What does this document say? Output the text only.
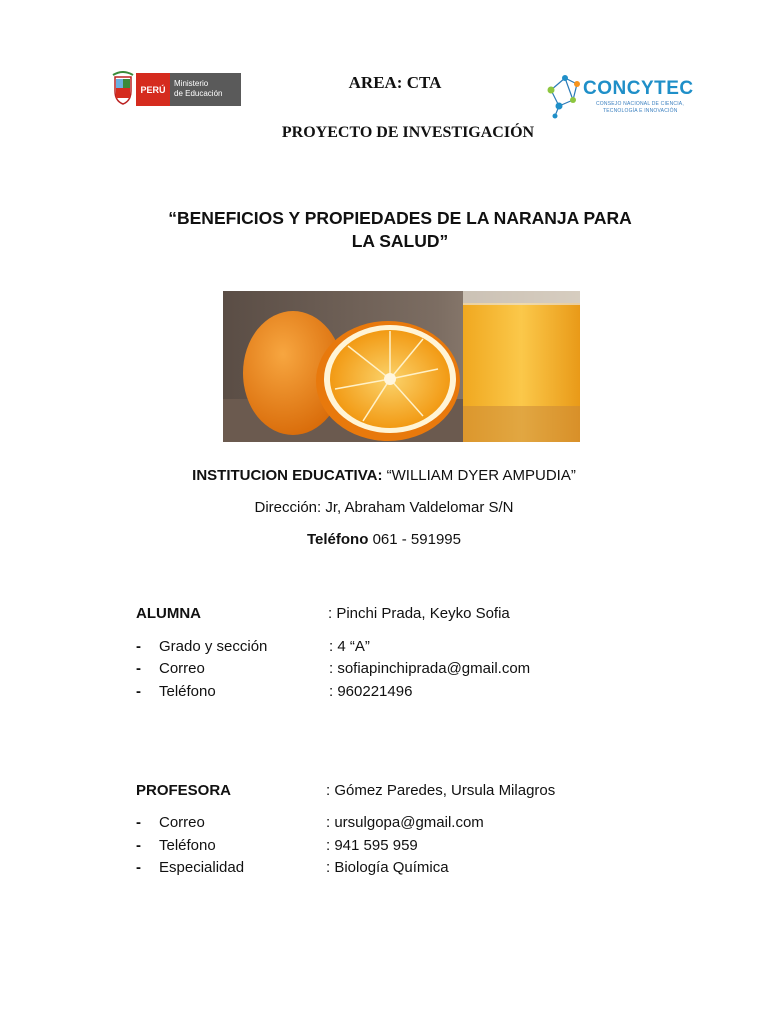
PERÚ
Ministerio
de Educación	CONCYTEC
CONSEJO NACIONAL DE CIENCIA,
TECNOLOGÍA E INNOVACIÓN
AREA: CTA
PROYECTO DE INVESTIGACIÓN
“BENEFICIOS Y PROPIEDADES DE LA NARANJA PARA
LA SALUD”
INSTITUCION EDUCATIVA: “WILLIAM DYER AMPUDIA”
Dirección: Jr, Abraham Valdelomar S/N
Teléfono 061 - 591995
ALUMNA	: Pinchi Prada, Keyko Sofia
- Grado y sección	: 4 “A”
- Correo	: sofiapinchiprada@gmail.com
- Teléfono	: 960221496
PROFESORA	: Gómez Paredes, Ursula Milagros
- Correo	: ursulgopa@gmail.com
- Teléfono	: 941 595 959
- Especialidad	: Biología Química
